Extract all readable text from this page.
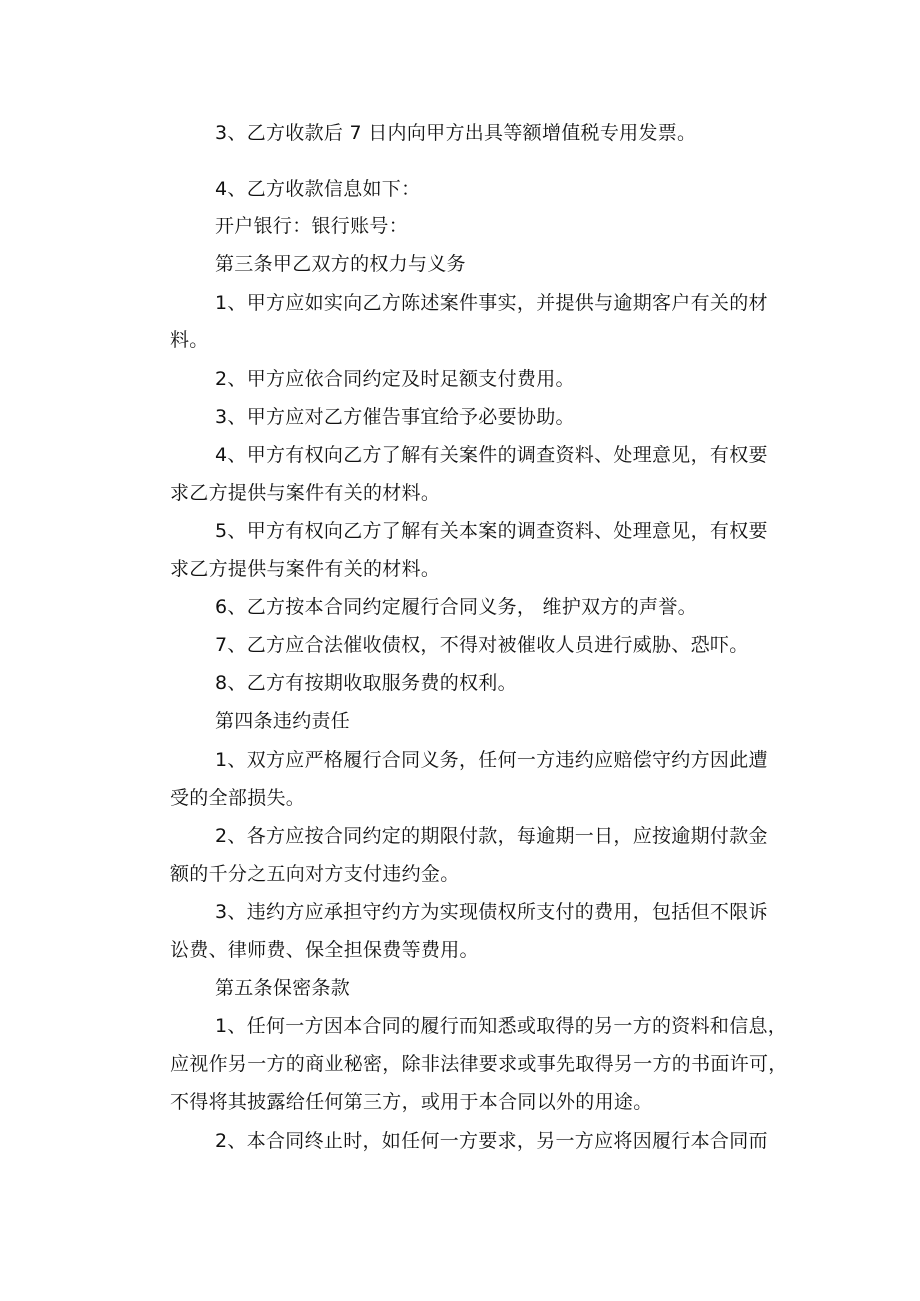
3、乙方收款后 7 日内向甲方出具等额增值税专用发票。
4、乙方收款信息如下：
开户银行：银行账号：
第三条甲乙双方的权力与义务
1、甲方应如实向乙方陈述案件事实，并提供与逾期客户有关的材
料。
2、甲方应依合同约定及时足额支付费用。
3、甲方应对乙方催告事宜给予必要协助。
4、甲方有权向乙方了解有关案件的调查资料、处理意见，有权要
求乙方提供与案件有关的材料。
5、甲方有权向乙方了解有关本案的调查资料、处理意见，有权要
求乙方提供与案件有关的材料。
6、乙方按本合同约定履行合同义务， 维护双方的声誉。
7、乙方应合法催收债权，不得对被催收人员进行威胁、恐吓。
8、乙方有按期收取服务费的权利。
第四条违约责任
1、双方应严格履行合同义务，任何一方违约应赔偿守约方因此遭
受的全部损失。
2、各方应按合同约定的期限付款，每逾期一日，应按逾期付款金
额的千分之五向对方支付违约金。
3、违约方应承担守约方为实现债权所支付的费用，包括但不限诉
讼费、律师费、保全担保费等费用。
第五条保密条款
1、任何一方因本合同的履行而知悉或取得的另一方的资料和信息，
应视作另一方的商业秘密，除非法律要求或事先取得另一方的书面许可，
不得将其披露给任何第三方，或用于本合同以外的用途。
2、本合同终止时，如任何一方要求，另一方应将因履行本合同而
